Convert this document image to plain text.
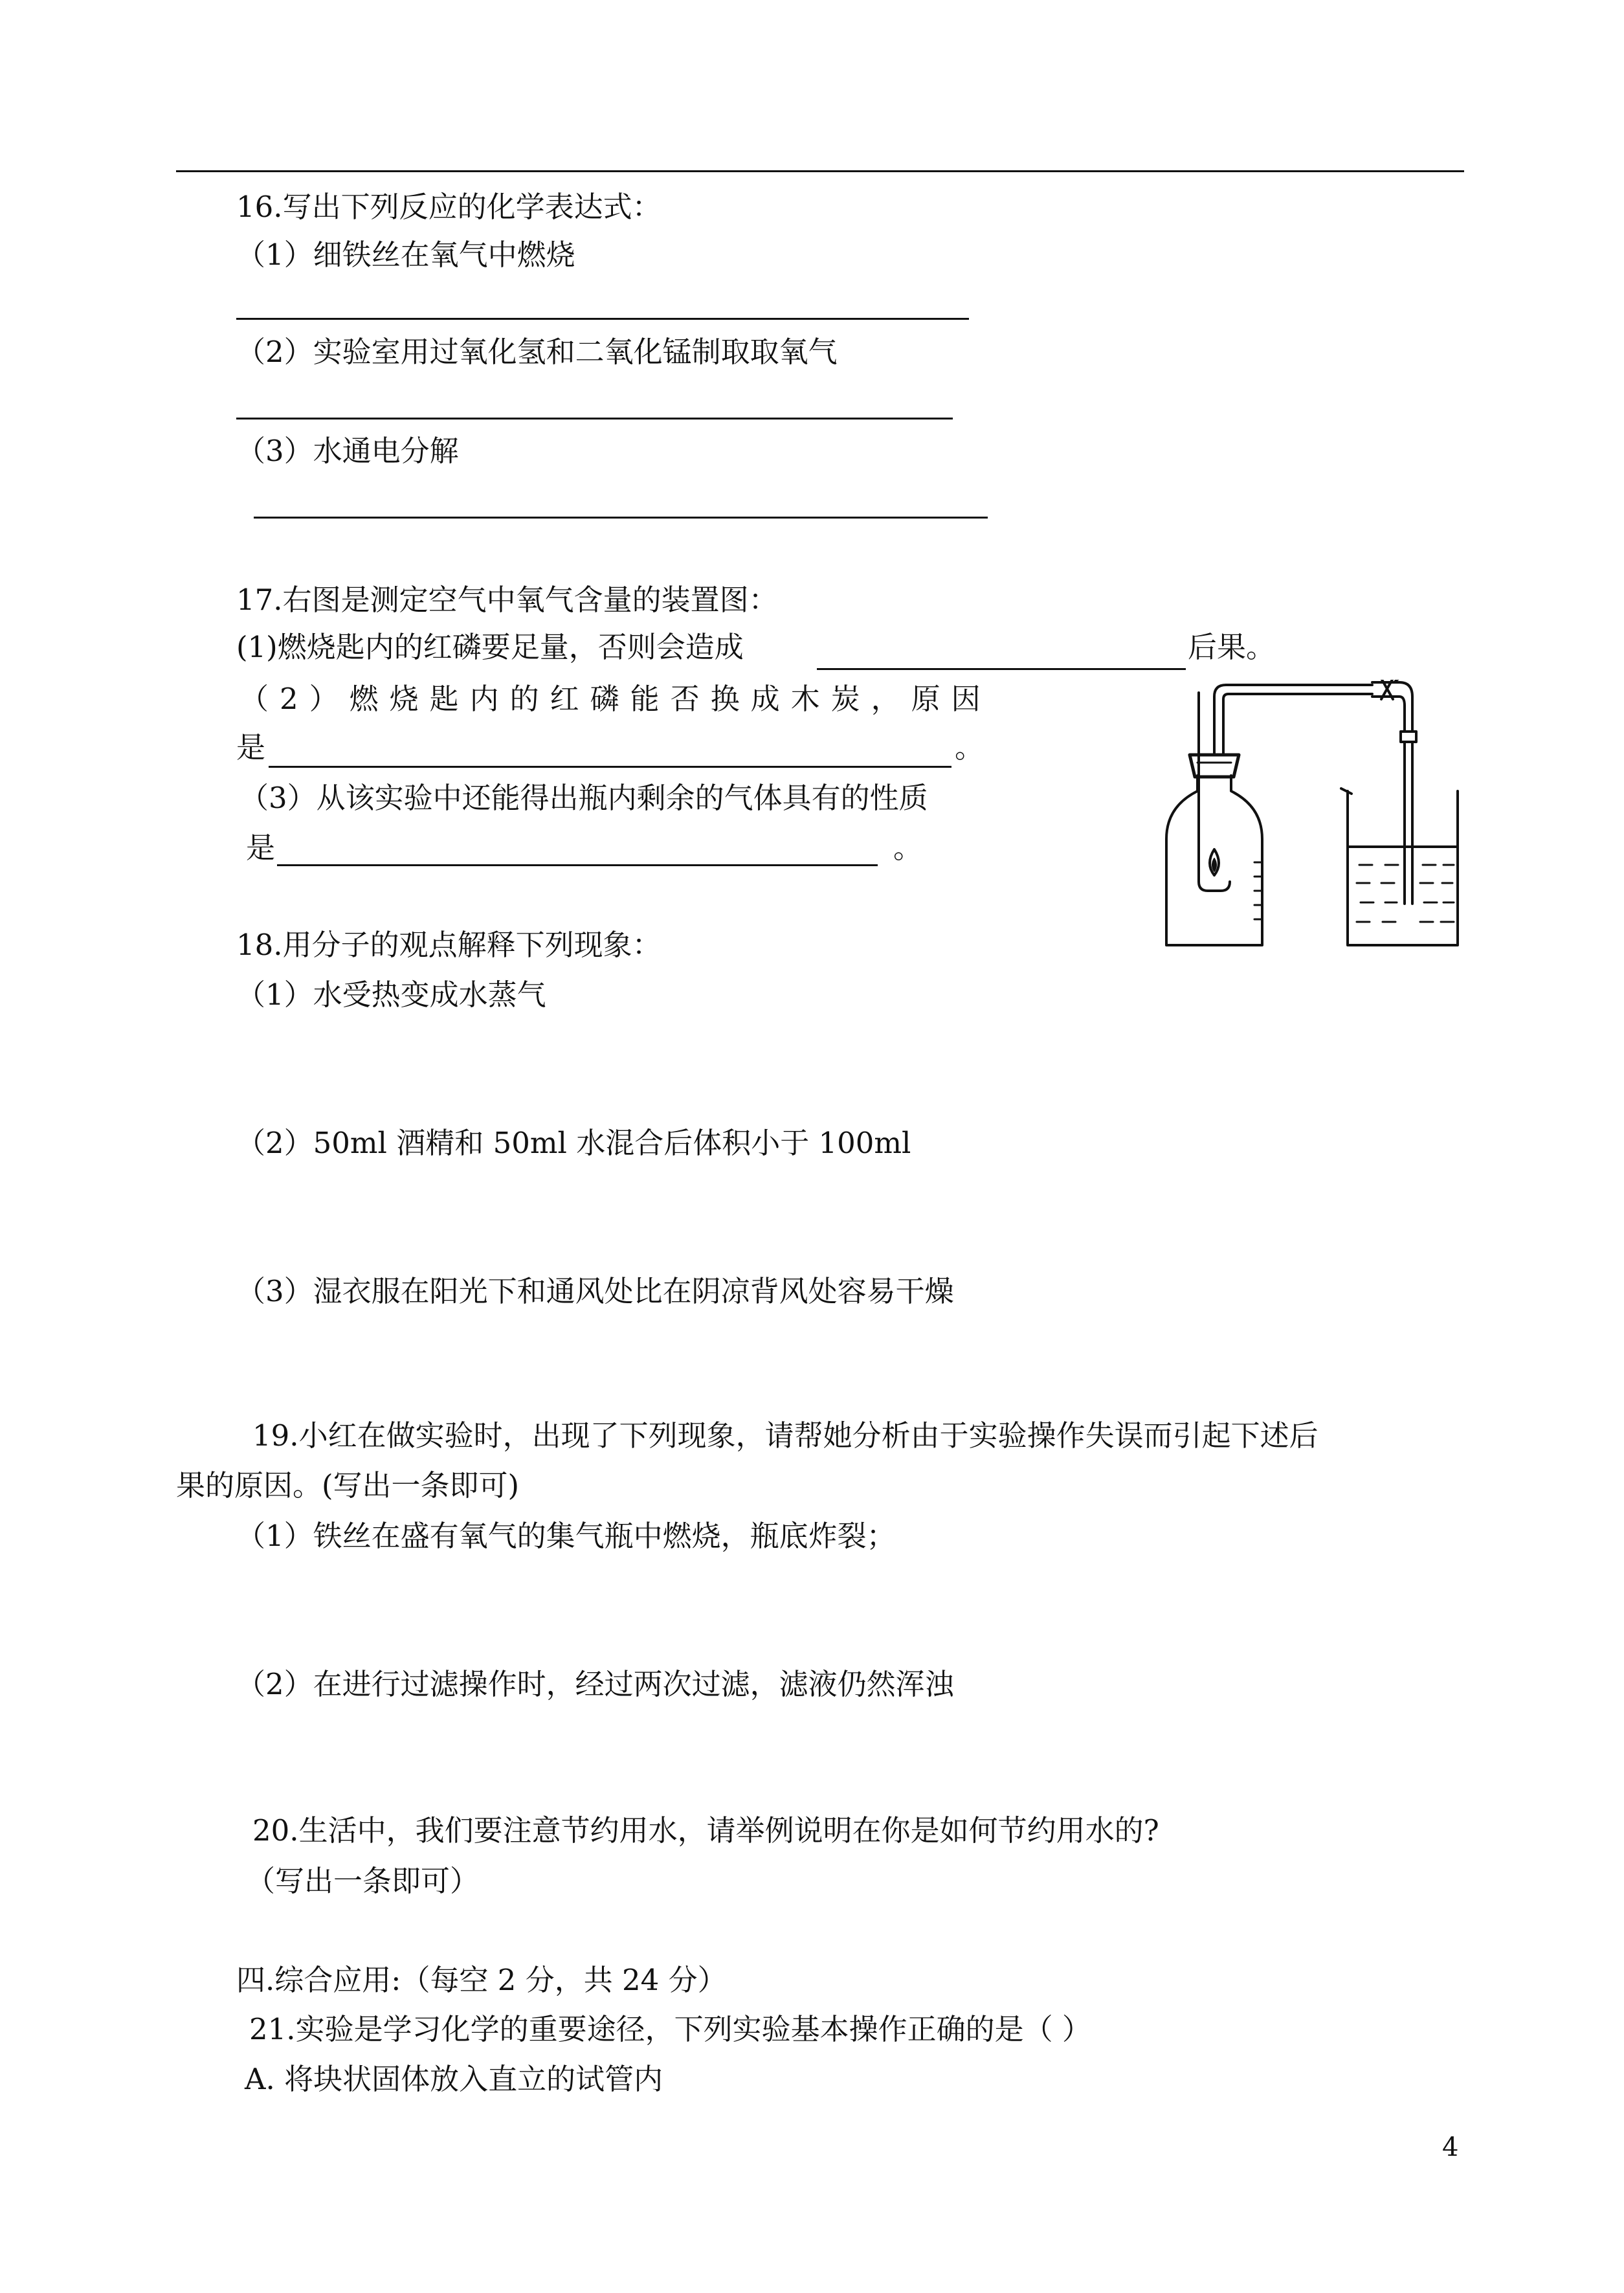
16.写出下列反应的化学表达式：
（1）细铁丝在氧气中燃烧
（2）实验室用过氧化氢和二氧化锰制取取氧气
（3）水通电分解
17.右图是测定空气中氧气含量的装置图：
(1)燃烧匙内的红磷要足量，否则会造成	后果。
（2）燃烧匙内的红磷能否换成木炭，原因
是	。
（3）从该实验中还能得出瓶内剩余的气体具有的性质
是	。
18.用分子的观点解释下列现象：
（1）水受热变成水蒸气
（2）50ml 酒精和 50ml 水混合后体积小于 100ml
（3）湿衣服在阳光下和通风处比在阴凉背风处容易干燥
19.小红在做实验时，出现了下列现象，请帮她分析由于实验操作失误而引起下述后
果的原因。(写出一条即可)
（1）铁丝在盛有氧气的集气瓶中燃烧，瓶底炸裂；
（2）在进行过滤操作时，经过两次过滤，滤液仍然浑浊
20.生活中，我们要注意节约用水，请举例说明在你是如何节约用水的?
（写出一条即可）
四.综合应用:（每空 2 分，共 24 分）
21.实验是学习化学的重要途径，下列实验基本操作正确的是（ ）
A. 将块状固体放入直立的试管内
4
